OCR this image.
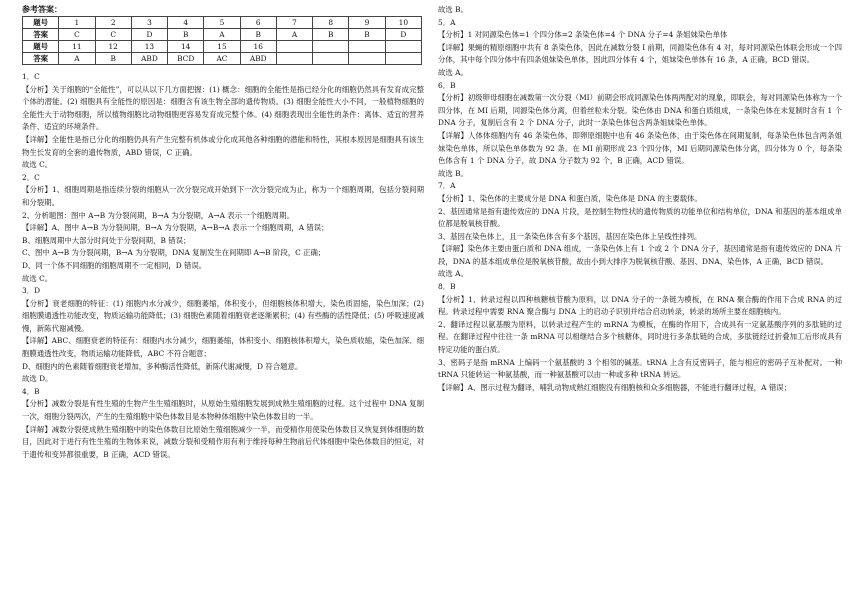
参考答案：
题号	1	2	3	4	5	6	7	8	9	10
答案	C	C	D	B	A	B	A	B	B	D
题号	11	12	13	14	15	16				
答案	A	B	ABD	BCD	AC	ABD				
1．C
【分析】关于细胞的“全能性”，可以从以下几方面把握：(1) 概念：细胞的全能性是指已经分化的细胞仍然具有发育成完整个体的潜能。(2) 细胞具有全能性的原因是：细胞含有该生物全部的遗传物质。(3) 细胞全能性大小不同，一般植物细胞的全能性大于动物细胞，所以植物细胞比动物细胞更容易发育成完整个体。(4) 细胞表现出全能性的条件：离体、适宜的营养条件、适宜的环境条件。
【详解】全能性是指已分化的细胞仍具有产生完整有机体或分化成其他各种细胞的潜能和特性，其根本原因是细胞具有该生物生长发育的全套的遗传物质，ABD 错误，C 正确。
故选 C。
2．C
【分析】1、细胞周期是指连续分裂的细胞从一次分裂完成开始到下一次分裂完成为止，称为一个细胞周期，包括分裂间期和分裂期。
2、分析题图：图中 A→B 为分裂间期，B→A 为分裂期，A→A 表示一个细胞周期。
【详解】A、图中 A→B 为分裂间期，B→A 为分裂期，A→B→A 表示一个细胞周期，A 错误；
B、细胞周期中大部分时间处于分裂间期，B 错误；
C、图中 A→B 为分裂间期，B→A 为分裂期，DNA 复制发生在间期即 A→B 阶段，C 正确；
D、同一个体不同细胞的细胞周期不一定相同，D 错误。
故选 C。
3．D
【分析】衰老细胞的特征：(1) 细胞内水分减少，细胞萎缩，体积变小，但细胞核体积增大，染色质固缩，染色加深；(2) 细胞膜通透性功能改变，物质运输功能降低；(3) 细胞色素随着细胞衰老逐渐累积；(4) 有些酶的活性降低；(5) 呼吸速度减慢，新陈代谢减慢。
【详解】ABC、细胞衰老的特征有：细胞内水分减少，细胞萎缩，体积变小、细胞核体积增大，染色质收缩，染色加深、细胞膜通透性改变，物质运输功能降低，ABC 不符合题意；
D、细胞内的色素随着细胞衰老增加，多种酶活性降低，新陈代谢减慢，D 符合题意。
故选 D。
4．B
【分析】减数分裂是有性生殖的生物产生生殖细胞时，从原始生殖细胞发展到成熟生殖细胞的过程。这个过程中 DNA 复制一次，细胞分裂两次，产生的生殖细胞中染色体数目是本物种体细胞中染色体数目的一半。
【详解】减数分裂使成熟生殖细胞中的染色体数目比原始生殖细胞减少一半，而受精作用使染色体数目又恢复到体细胞的数目，因此对于进行有性生殖的生物体来说，减数分裂和受精作用有利于维持每种生物前后代体细胞中染色体数目的恒定，对于遗传和变异都很重要，B 正确，ACD 错误。
故选 B。
5．A
【分析】1 对同源染色体=1 个四分体=2 条染色体=4 个 DNA 分子=4 条姐妹染色单体
【详解】果蝇的精原细胞中共有 8 条染色体，因此在减数分裂 I 前期，同源染色体有 4 对，每对同源染色体联会形成一个四分体，其中每个四分体中有四条姐妹染色单体，因此四分体有 4 个，姐妹染色单体有 16 条，A 正确，BCD 错误。
故选 A。
6．B
【分析】初级卵母细胞在减数第一次分裂（MI）前期会形成同源染色体两两配对的现象，即联会，每对同源染色体称为一个四分体，在 MI 后期，同源染色体分离，但着丝粒未分裂。染色体由 DNA 和蛋白质组成，一条染色体在未复制时含有 1 个 DNA 分子，复制后含有 2 个 DNA 分子，此时一条染色体包含两条姐妹染色单体。
【详解】人体体细胞内有 46 条染色体，即卵原细胞中也有 46 条染色体，由于染色体在间期复制，每条染色体包含两条姐妹染色单体，所以染色单体数为 92 条。在 MI 前期形成 23 个四分体，MI 后期同源染色体分离，四分体为 0 个，每条染色体含有 1 个 DNA 分子，故 DNA 分子数为 92 个，B 正确，ACD 错误。
故选 B。
7．A
【分析】1、染色体的主要成分是 DNA 和蛋白质，染色体是 DNA 的主要载体。
2、基因通常是指有遗传效应的 DNA 片段，是控制生物性状的遗传物质的功能单位和结构单位，DNA 和基因的基本组成单位都是脱氧核苷酸。
3、基因在染色体上，且一条染色体含有多个基因，基因在染色体上呈线性排列。
【详解】染色体主要由蛋白质和 DNA 组成，一条染色体上有 1 个或 2 个 DNA 分子，基因通常是指有遗传效应的 DNA 片段，DNA 的基本组成单位是脱氧核苷酸，故由小到大排序为脱氧核苷酸、基因、DNA、染色体，A 正确，BCD 错误。
故选 A。
8．B
【分析】1、转录过程以四种核糖核苷酸为原料，以 DNA 分子的一条链为模板，在 RNA 聚合酶的作用下合成 RNA 的过程。转录过程中需要 RNA 聚合酶与 DNA 上的启动子识别并结合启动转录，转录的场所主要在细胞核内。
2、翻译过程以氨基酸为原料，以转录过程产生的 mRNA 为模板，在酶的作用下，合成具有一定氨基酸序列的多肽链的过程。在翻译过程中往往一条 mRNA 可以相继结合多个核糖体，同时进行多条肽链的合成，多肽链经过折叠加工后形成具有特定功能的蛋白质。
3、密码子是指 mRNA 上编码一个氨基酸的 3 个相邻的碱基。tRNA 上含有反密码子，能与相应的密码子互补配对。一种 tRNA 只能转运一种氨基酸，而一种氨基酸可以由一种或多种 tRNA 转运。
【详解】A、图示过程为翻译，哺乳动物成熟红细胞没有细胞核和众多细胞器，不能进行翻译过程，A 错误；
